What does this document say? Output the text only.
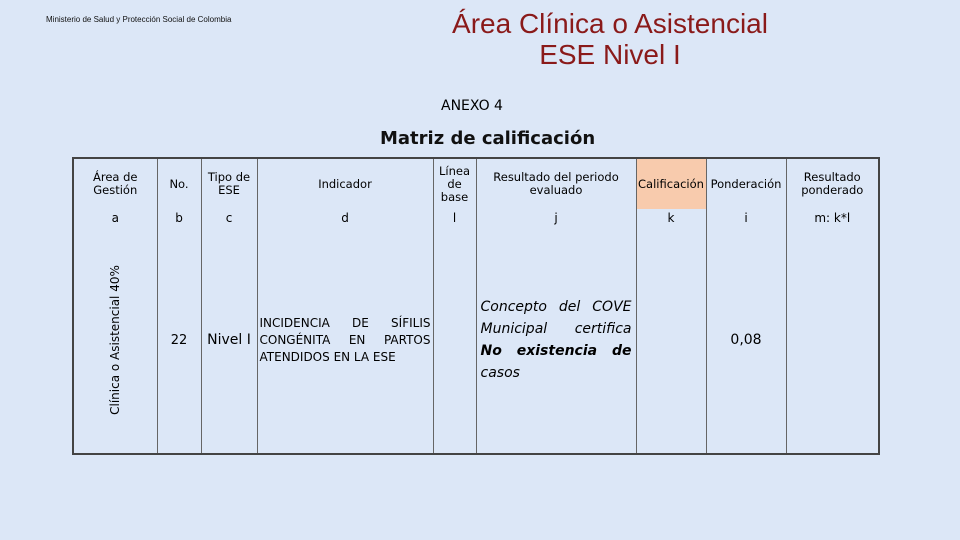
Ministerio de Salud y Protección Social de Colombia	Área Clínica o Asistencial
ESE Nivel I
ANEXO 4
Matriz de calificación
Área de Gestión	No.	Tipo de ESE	Indicador	Línea de base	Resultado del periodo evaluado	Calificación	Ponderación	Resultado ponderado
a	b	c	d	l	j	k	i	m: k*l

Clínica o Asistencial 40%	22	Nivel I	INCIDENCIA DE SÍFILIS CONGÉNITA EN PARTOS ATENDIDOS EN LA ESE		Concepto del COVE Municipal certifica No existencia de casos		0,08	
